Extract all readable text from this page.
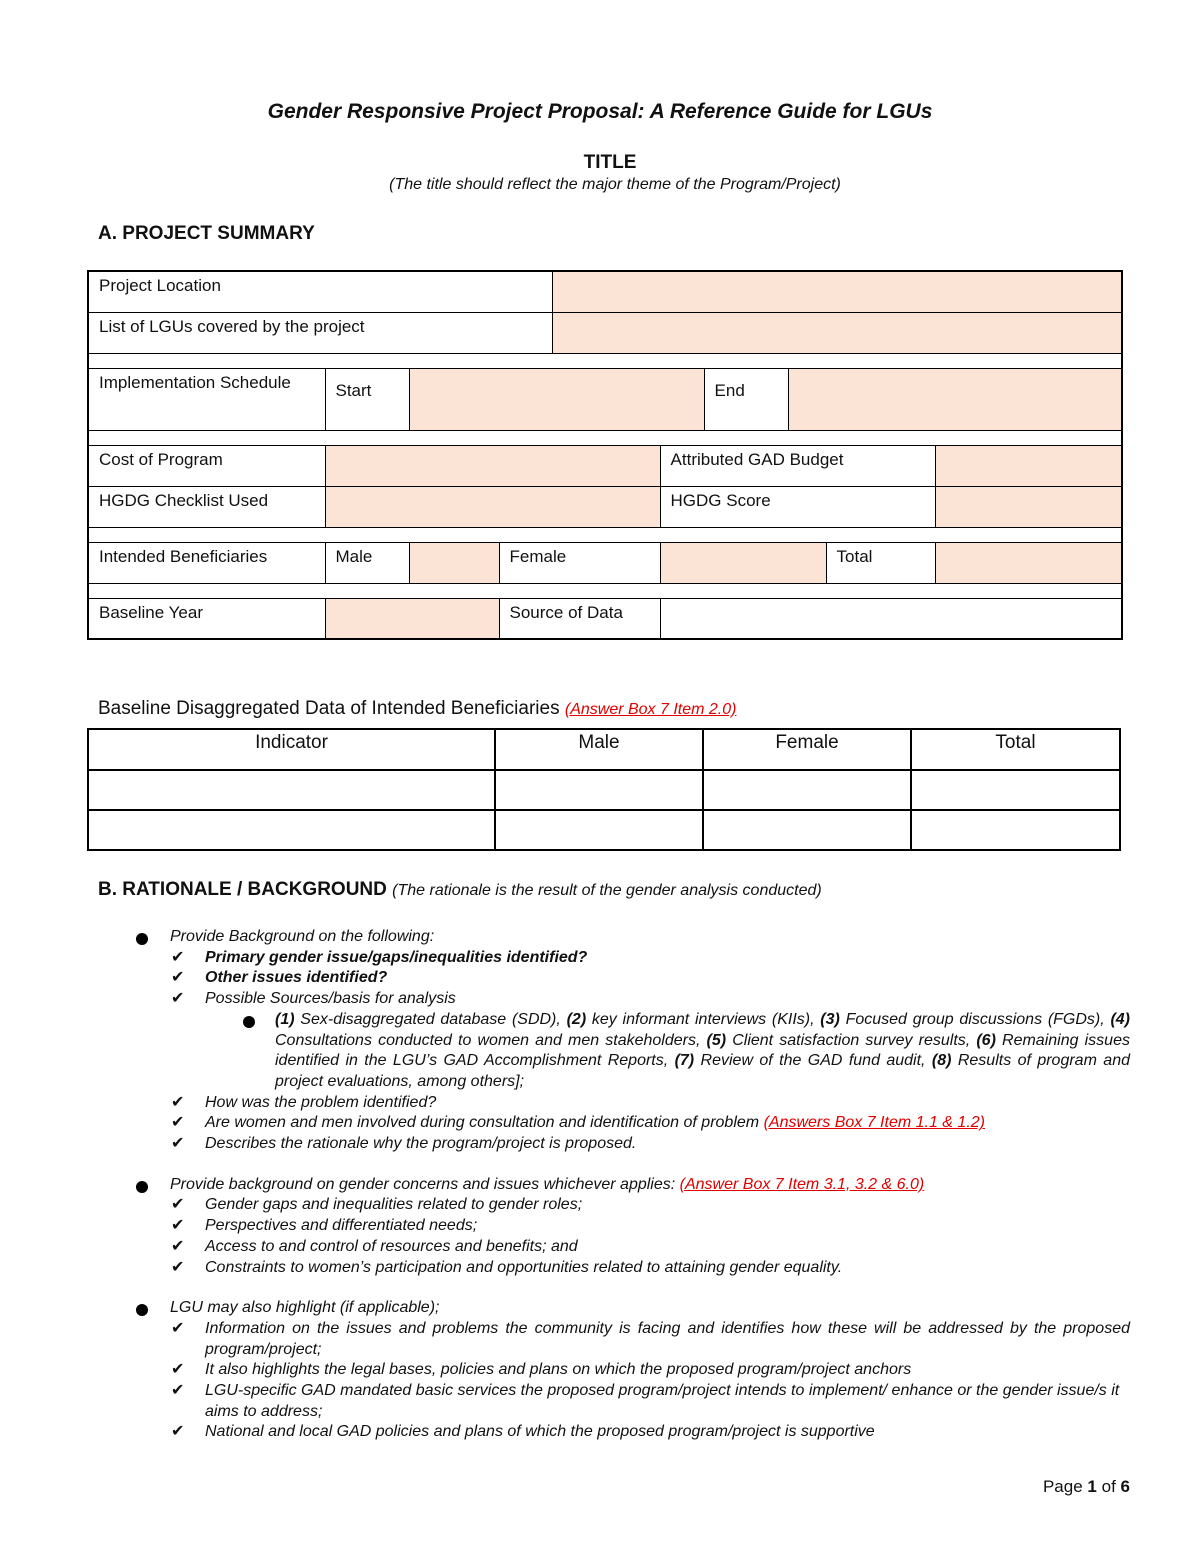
Gender Responsive Project Proposal: A Reference Guide for LGUs
TITLE
(The title should reflect the major theme of the Program/Project)
A. PROJECT SUMMARY
Project Location									
List of LGUs covered by the project									

Implementation Schedule	Start					End			

Cost of Program					Attributed GAD Budget				
HGDG Checklist Used					HGDG Score				

Intended Beneficiaries	Male		Female					Total	

Baseline Year			Source of Data						
Baseline Disaggregated Data of Intended Beneficiaries (Answer Box 7 Item 2.0)
Indicator	Male	Female	Total

B. RATIONALE / BACKGROUND (The rationale is the result of the gender analysis conducted)
Provide Background on the following:
✔ Primary gender issue/gaps/inequalities identified?
✔ Other issues identified?
✔ Possible Sources/basis for analysis
(1) Sex-disaggregated database (SDD), (2) key informant interviews (KIIs), (3) Focused group discussions (FGDs), (4) Consultations conducted to women and men stakeholders, (5) Client satisfaction survey results, (6) Remaining issues identified in the LGU’s GAD Accomplishment Reports, (7) Review of the GAD fund audit, (8) Results of program and project evaluations, among others];
✔ How was the problem identified?
✔ Are women and men involved during consultation and identification of problem (Answers Box 7 Item 1.1 & 1.2)
✔ Describes the rationale why the program/project is proposed.
Provide background on gender concerns and issues whichever applies: (Answer Box 7 Item 3.1, 3.2 & 6.0)
✔ Gender gaps and inequalities related to gender roles;
✔ Perspectives and differentiated needs;
✔ Access to and control of resources and benefits; and
✔ Constraints to women’s participation and opportunities related to attaining gender equality.
LGU may also highlight (if applicable);
✔ Information on the issues and problems the community is facing and identifies how these will be addressed by the proposed program/project;
✔ It also highlights the legal bases, policies and plans on which the proposed program/project anchors
✔ LGU-specific GAD mandated basic services the proposed program/project intends to implement/ enhance or the gender issue/s it aims to address;
✔ National and local GAD policies and plans of which the proposed program/project is supportive
Page 1 of 6
